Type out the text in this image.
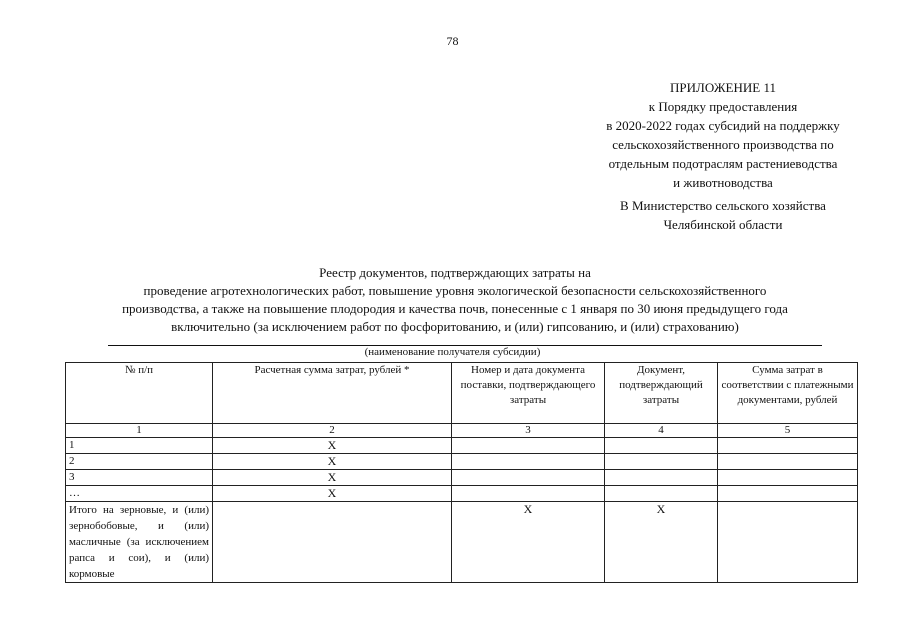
78
ПРИЛОЖЕНИЕ 11
к Порядку предоставления
в 2020-2022 годах субсидий на поддержку
сельскохозяйственного производства по
отдельным подотраслям растениеводства
и животноводства
В Министерство сельского хозяйства
Челябинской области
Реестр документов, подтверждающих затраты на
проведение агротехнологических работ, повышение уровня экологической безопасности сельскохозяйственного
производства, а также на повышение плодородия и качества почв, понесенные с 1 января по 30 июня предыдущего года
включительно (за исключением работ по фосфоритованию, и (или) гипсованию, и (или) страхованию)
(наименование получателя субсидии)
№ п/п	Расчетная сумма затрат, рублей *	Номер и дата документа поставки, подтверждающего затраты	Документ, подтверждающий затраты	Сумма затрат в соответствии с платежными документами, рублей
1	2	3	4	5
1	Х			
2	Х			
3	Х			
…	Х			
Итого на зерновые, и (или) зернобобовые, и (или) масличные (за исключением рапса и сои), и (или) кормовые		Х	Х	
